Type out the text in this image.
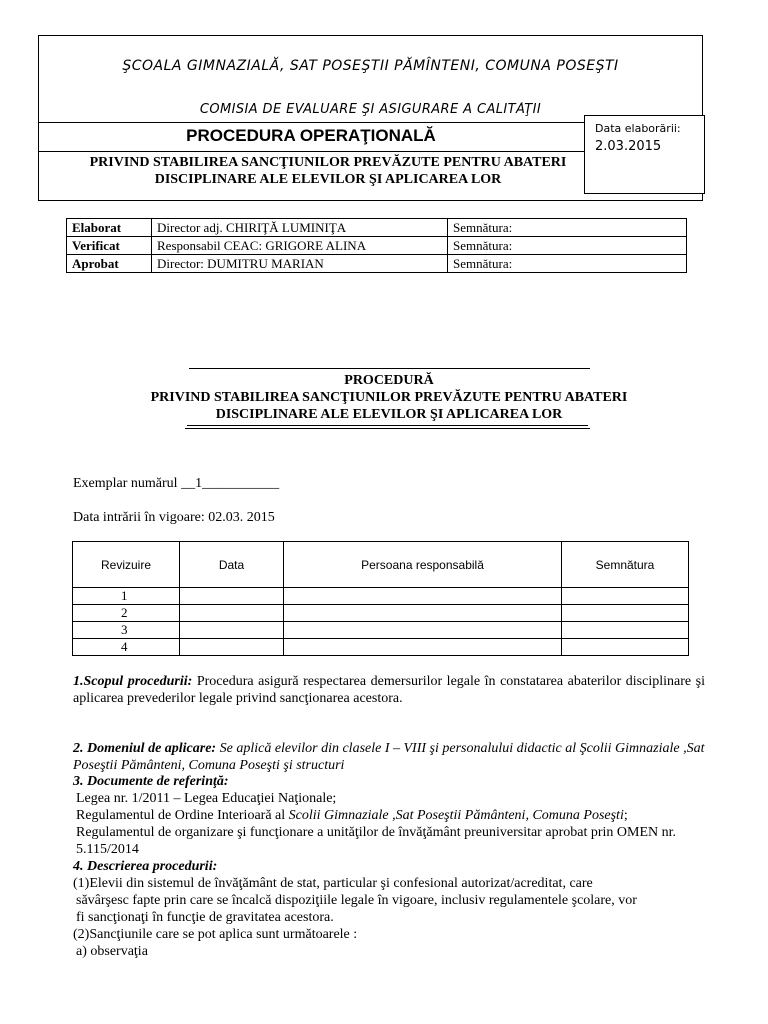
ŞCOALA GIMNAZIALĂ, SAT POSEŞTII PĂMÎNTENI, COMUNA POSEŞTI
COMISIA DE EVALUARE ŞI ASIGURARE A CALITĂŢII
PROCEDURA OPERAŢIONALĂ
PRIVIND STABILIREA SANCŢIUNILOR PREVĂZUTE PENTRU ABATERI
DISCIPLINARE ALE ELEVILOR ŞI APLICAREA LOR
Data elaborării:
2.03.2015
Elaborat	Director adj. CHIRIŢĂ LUMINIŢA	Semnătura:
Verificat	Responsabil CEAC: GRIGORE ALINA	Semnătura:
Aprobat	Director: DUMITRU MARIAN	Semnătura:
PROCEDURĂ
PRIVIND STABILIREA SANCŢIUNILOR PREVĂZUTE PENTRU ABATERI
DISCIPLINARE ALE ELEVILOR ŞI APLICAREA LOR
Exemplar numărul __1___________
Data intrării în vigoare: 02.03. 2015
Revizuire	Data	Persoana responsabilă	Semnătura
1			
2			
3			
4			
1.Scopul procedurii: Procedura asigură respectarea demersurilor legale în constatarea abaterilor disciplinare şi aplicarea prevederilor legale privind sancţionarea acestora.
2. Domeniul de aplicare: Se aplică elevilor din clasele I – VIII şi personalului didactic al Şcolii Gimnaziale ,Sat Poseştii Pământeni, Comuna Poseşti şi structuri
3. Documente de referinţă:
Legea nr. 1/2011 – Legea Educaţiei Naţionale;
Regulamentul de Ordine Interioară al Scolii Gimnaziale ,Sat Poseştii Pământeni, Comuna Poseşti;
Regulamentul de organizare şi funcţionare a unităţilor de învăţământ preuniversitar aprobat prin OMEN nr. 5.115/2014
4. Descrierea procedurii:
(1)Elevii din sistemul de învăţământ de stat, particular şi confesional autorizat/acreditat, care
săvârşesc fapte prin care se încalcă dispoziţiile legale în vigoare, inclusiv regulamentele şcolare, vor
fi sancţionaţi în funcţie de gravitatea acestora.
(2)Sancţiunile care se pot aplica sunt următoarele :
a) observaţia
